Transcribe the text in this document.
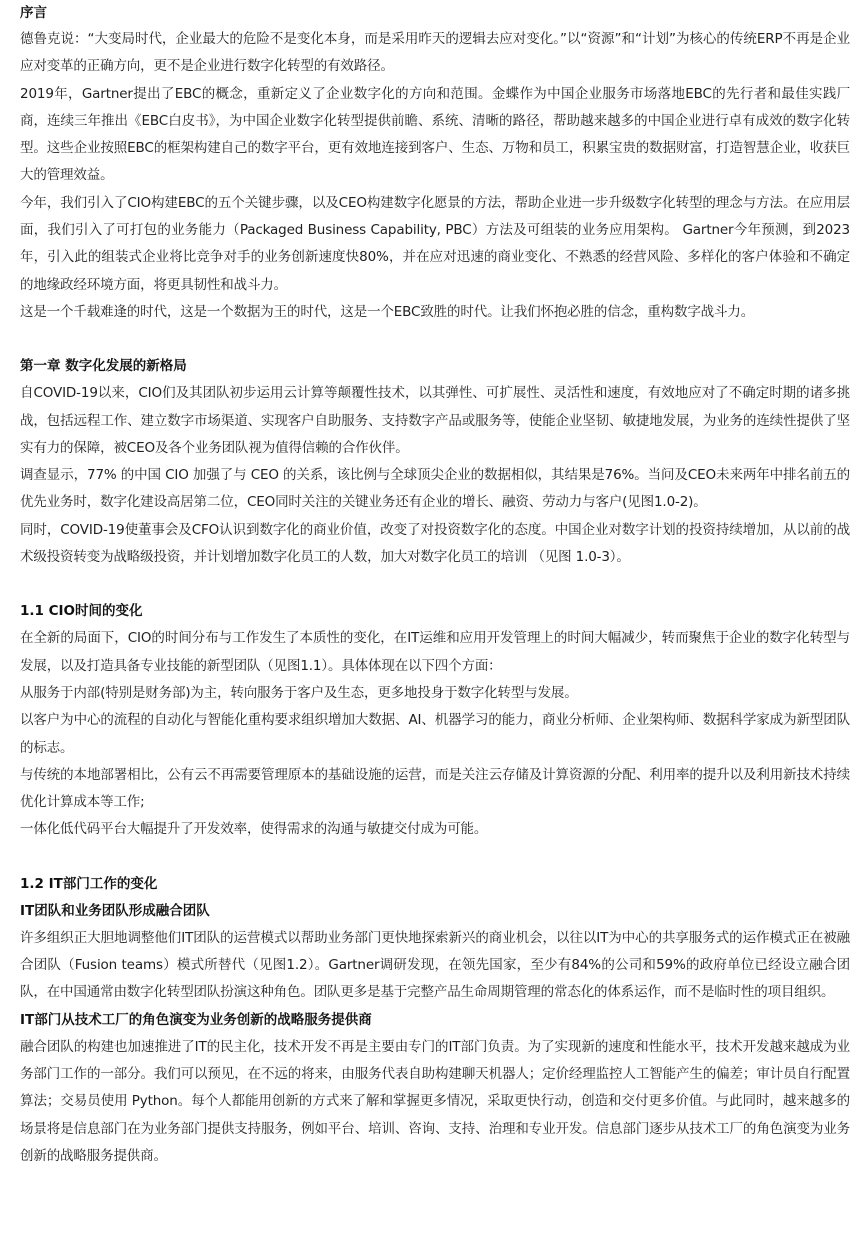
序言
德鲁克说：“大变局时代，企业最大的危险不是变化本身，而是采用昨天的逻辑去应对变化。”以“资源”和“计划”为核心的传统ERP不再是企业应对变革的正确方向，更不是企业进行数字化转型的有效路径。
2019年，Gartner提出了EBC的概念，重新定义了企业数字化的方向和范围。金蝶作为中国企业服务市场落地EBC的先行者和最佳实践厂商，连续三年推出《EBC白皮书》，为中国企业数字化转型提供前瞻、系统、清晰的路径，帮助越来越多的中国企业进行卓有成效的数字化转型。这些企业按照EBC的框架构建自己的数字平台，更有效地连接到客户、生态、万物和员工，积累宝贵的数据财富，打造智慧企业，收获巨大的管理效益。
今年，我们引入了CIO构建EBC的五个关键步骤，以及CEO构建数字化愿景的方法，帮助企业进一步升级数字化转型的理念与方法。在应用层面，我们引入了可打包的业务能力（Packaged Business Capability, PBC）方法及可组装的业务应用架构。 Gartner今年预测，到2023年，引入此的组装式企业将比竞争对手的业务创新速度快80%，并在应对迅速的商业变化、不熟悉的经营风险、多样化的客户体验和不确定的地缘政经环境方面，将更具韧性和战斗力。
这是一个千载难逢的时代，这是一个数据为王的时代，这是一个EBC致胜的时代。让我们怀抱必胜的信念，重构数字战斗力。
第一章 数字化发展的新格局
自COVID-19以来，CIO们及其团队初步运用云计算等颠覆性技术，以其弹性、可扩展性、灵活性和速度，有效地应对了不确定时期的诸多挑战，包括远程工作、建立数字市场渠道、实现客户自助服务、支持数字产品或服务等，使能企业坚韧、敏捷地发展，为业务的连续性提供了坚实有力的保障，被CEO及各个业务团队视为值得信赖的合作伙伴。
调查显示，77% 的中国 CIO 加强了与 CEO 的关系，该比例与全球顶尖企业的数据相似，其结果是76%。当问及CEO未来两年中排名前五的优先业务时，数字化建设高居第二位，CEO同时关注的关键业务还有企业的增长、融资、劳动力与客户(见图1.0-2)。
同时，COVID-19使董事会及CFO认识到数字化的商业价值，改变了对投资数字化的态度。中国企业对数字计划的投资持续增加，从以前的战术级投资转变为战略级投资，并计划增加数字化员工的人数，加大对数字化员工的培训 （见图 1.0-3）。
1.1 CIO时间的变化
在全新的局面下，CIO的时间分布与工作发生了本质性的变化，在IT运维和应用开发管理上的时间大幅减少，转而聚焦于企业的数字化转型与发展，以及打造具备专业技能的新型团队（见图1.1）。具体体现在以下四个方面：
从服务于内部(特别是财务部)为主，转向服务于客户及生态，更多地投身于数字化转型与发展。
以客户为中心的流程的自动化与智能化重构要求组织增加大数据、AI、机器学习的能力，商业分析师、企业架构师、数据科学家成为新型团队的标志。
与传统的本地部署相比，公有云不再需要管理原本的基础设施的运营，而是关注云存储及计算资源的分配、利用率的提升以及利用新技术持续优化计算成本等工作;
一体化低代码平台大幅提升了开发效率，使得需求的沟通与敏捷交付成为可能。
1.2 IT部门工作的变化
IT团队和业务团队形成融合团队
许多组织正大胆地调整他们IT团队的运营模式以帮助业务部门更快地探索新兴的商业机会，以往以IT为中心的共享服务式的运作模式正在被融合团队（Fusion teams）模式所替代（见图1.2）。Gartner调研发现，在领先国家，至少有84%的公司和59%的政府单位已经设立融合团队，在中国通常由数字化转型团队扮演这种角色。团队更多是基于完整产品生命周期管理的常态化的体系运作，而不是临时性的项目组织。
IT部门从技术工厂的角色演变为业务创新的战略服务提供商
融合团队的构建也加速推进了IT的民主化，技术开发不再是主要由专门的IT部门负责。为了实现新的速度和性能水平，技术开发越来越成为业务部门工作的一部分。我们可以预见，在不远的将来，由服务代表自助构建聊天机器人；定价经理监控人工智能产生的偏差；审计员自行配置算法；交易员使用 Python。每个人都能用创新的方式来了解和掌握更多情况，采取更快行动，创造和交付更多价值。与此同时，越来越多的场景将是信息部门在为业务部门提供支持服务，例如平台、培训、咨询、支持、治理和专业开发。信息部门逐步从技术工厂的角色演变为业务创新的战略服务提供商。
